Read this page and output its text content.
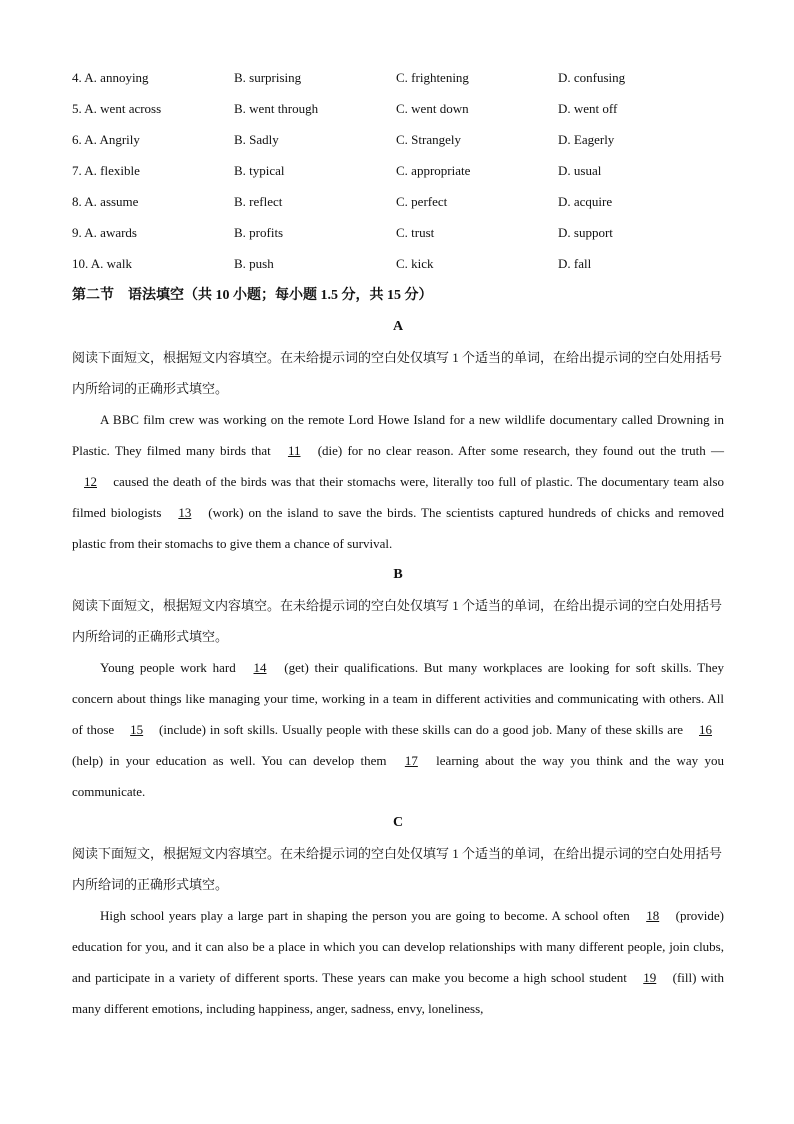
4. A. annoying	B. surprising	C. frightening	D. confusing
5. A. went across	B. went through	C. went down	D. went off
6. A. Angrily	B. Sadly	C. Strangely	D. Eagerly
7. A. flexible	B. typical	C. appropriate	D. usual
8. A. assume	B. reflect	C. perfect	D. acquire
9. A. awards	B. profits	C. trust	D. support
10. A. walk	B. push	C. kick	D. fall
第二节　语法填空（共 10 小题；每小题 1.5 分，共 15 分）
A
阅读下面短文，根据短文内容填空。在未给提示词的空白处仅填写 1 个适当的单词，在给出提示词的空白处用括号内所给词的正确形式填空。
A BBC film crew was working on the remote Lord Howe Island for a new wildlife documentary called Drowning in Plastic. They filmed many birds that 11 (die) for no clear reason. After some research, they found out the truth — 12 caused the death of the birds was that their stomachs were, literally too full of plastic. The documentary team also filmed biologists 13 (work) on the island to save the birds. The scientists captured hundreds of chicks and removed plastic from their stomachs to give them a chance of survival.
B
阅读下面短文，根据短文内容填空。在未给提示词的空白处仅填写 1 个适当的单词，在给出提示词的空白处用括号内所给词的正确形式填空。
Young people work hard 14 (get) their qualifications. But many workplaces are looking for soft skills. They concern about things like managing your time, working in a team in different activities and communicating with others. All of those 15 (include) in soft skills. Usually people with these skills can do a good job. Many of these skills are 16 (help) in your education as well. You can develop them 17 learning about the way you think and the way you communicate.
C
阅读下面短文，根据短文内容填空。在未给提示词的空白处仅填写 1 个适当的单词，在给出提示词的空白处用括号内所给词的正确形式填空。
High school years play a large part in shaping the person you are going to become. A school often 18 (provide) education for you, and it can also be a place in which you can develop relationships with many different people, join clubs, and participate in a variety of different sports. These years can make you become a high school student 19 (fill) with many different emotions, including happiness, anger, sadness, envy, loneliness,
